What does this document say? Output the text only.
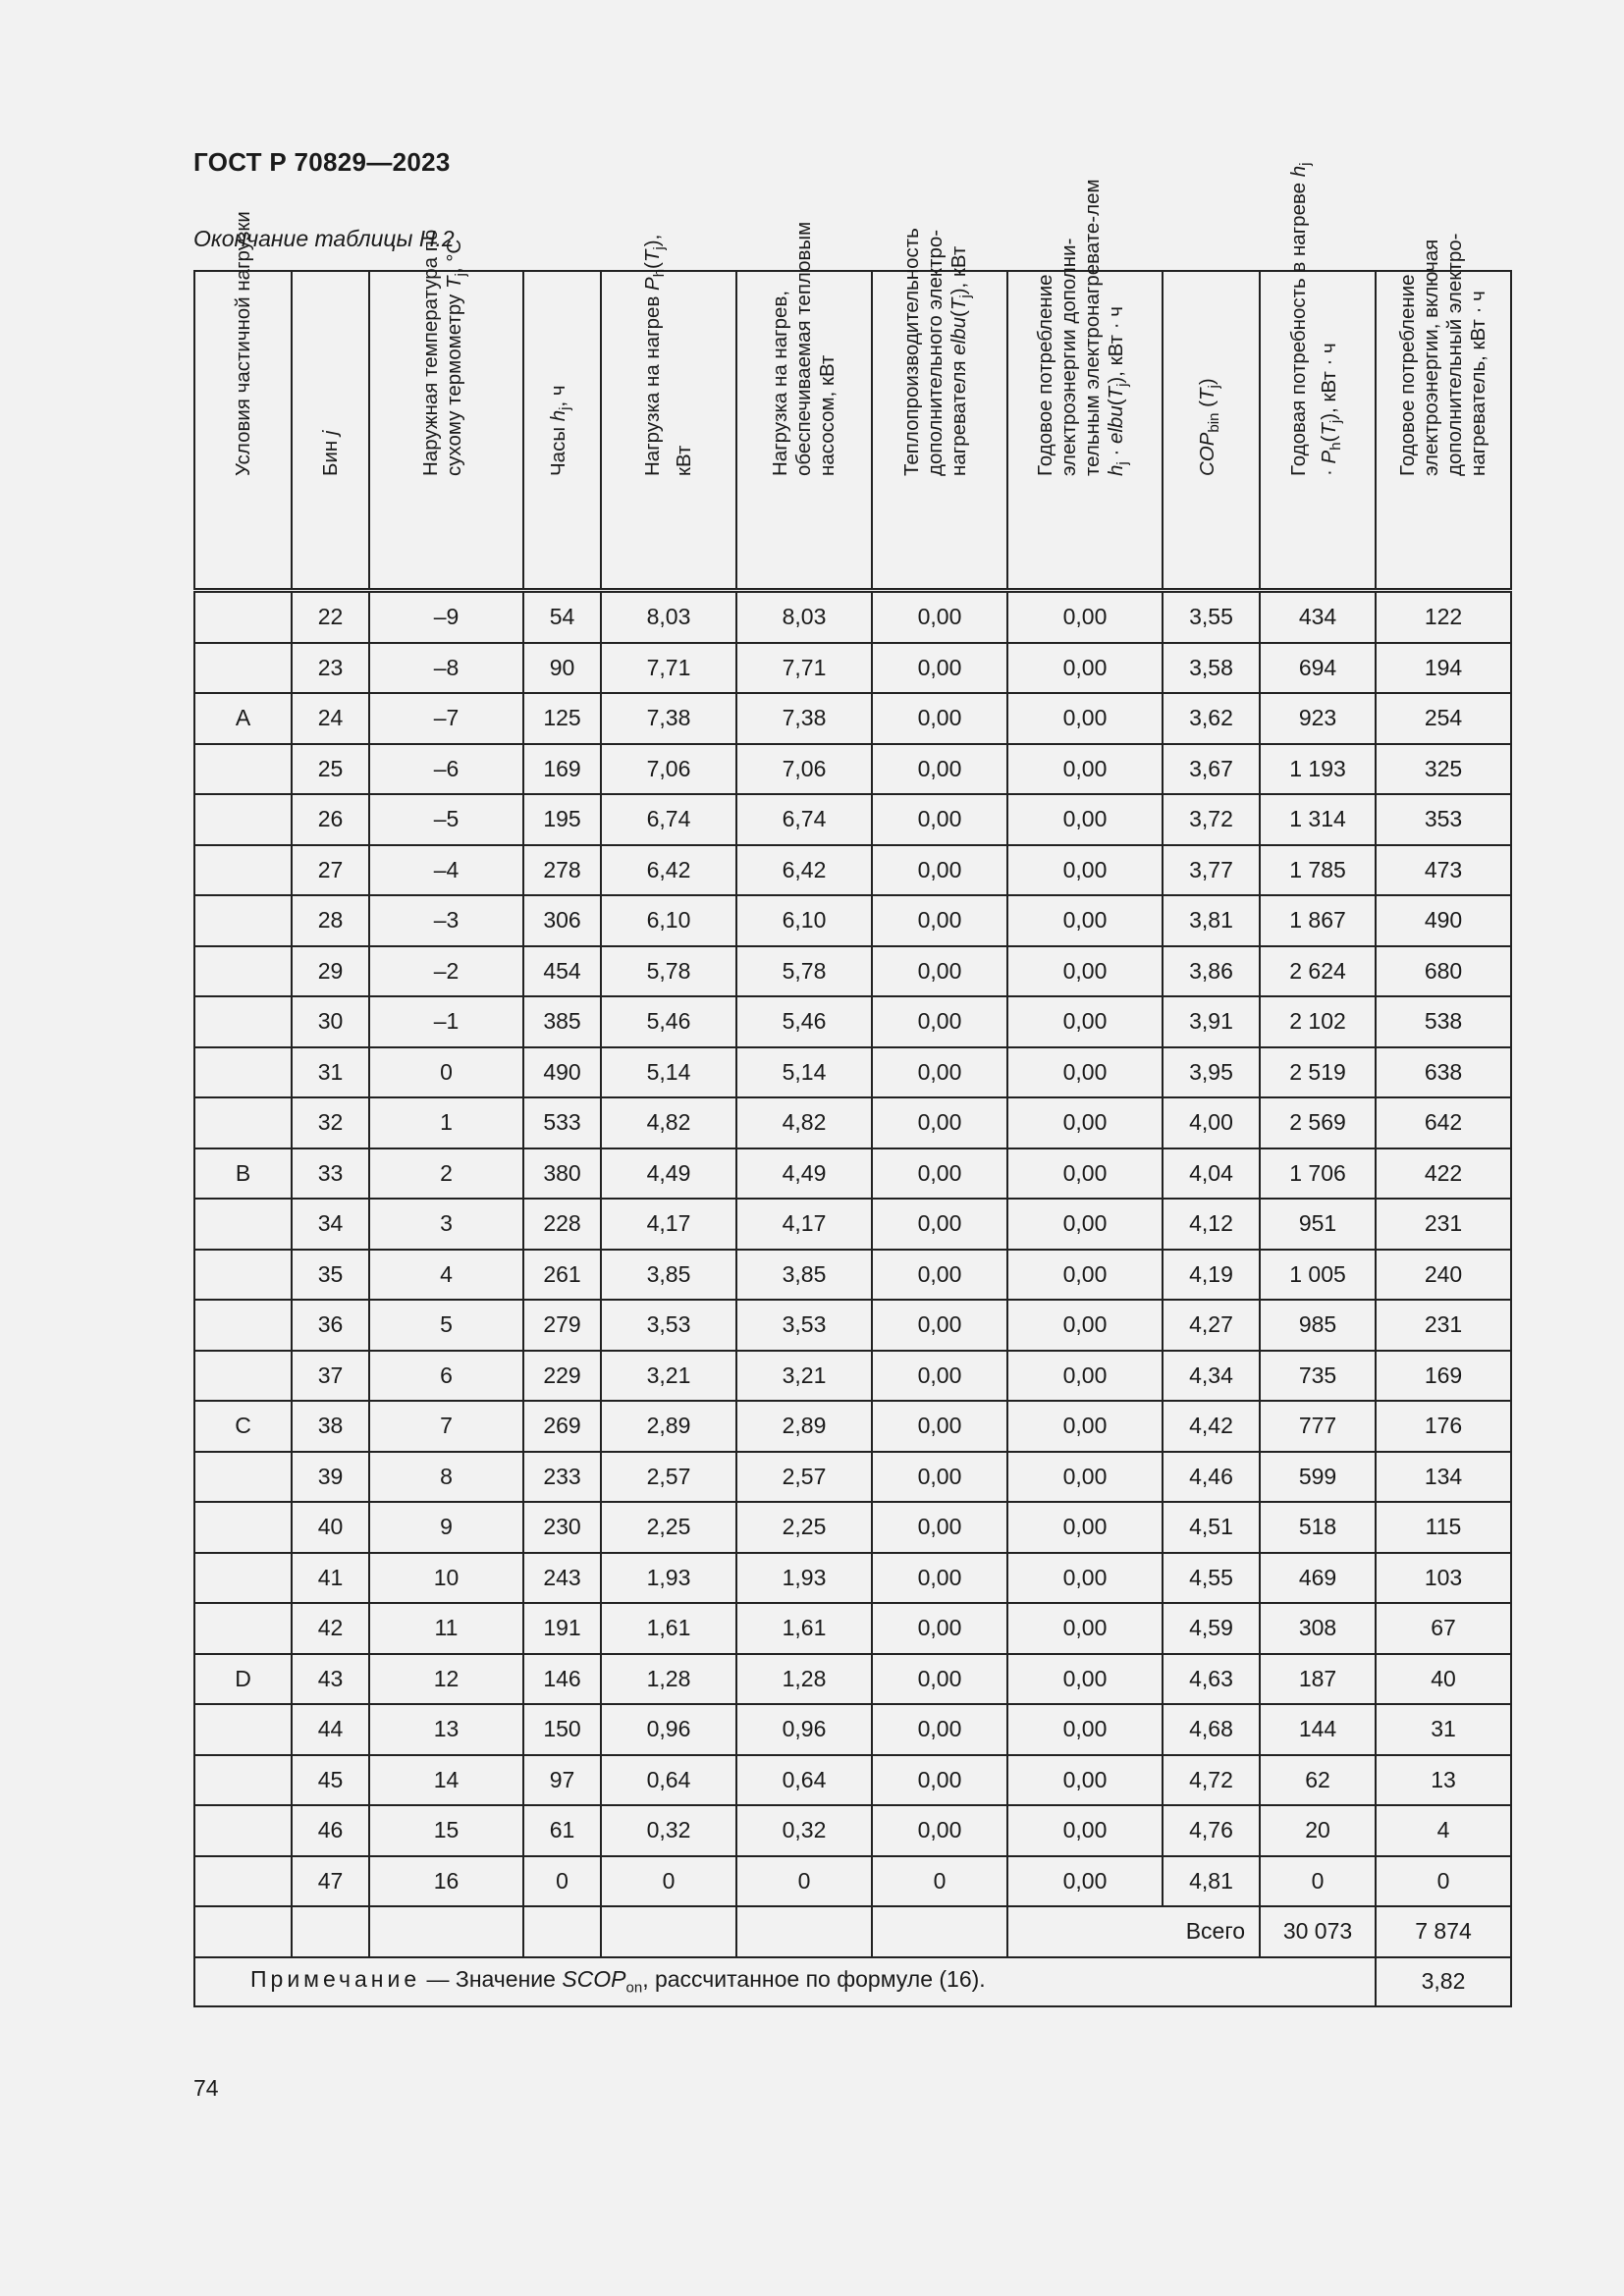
ГОСТ Р 70829—2023
Окончание таблицы Н.2
Условия частичной нагрузки	Бин j	Наружная температура по сухому термометру $T_j$, °C	Часы $h_j$, ч	Нагрузка на нагрев $P_h(T_j)$,
кВт	Нагрузка на нагрев, обеспечиваемая тепловым насосом, кВт	Теплопроизводительность дополнительного электро-нагревателя $elbu(T_j)$, кВт	Годовое потребление электроэнергии дополни-тельным электронагревате-лем $h_j$ · $elbu(T_j)$, кВт · ч	$COP_{bin}$ $(T_j)$	Годовая потребность в нагреве $h_j \cdot P_h(T_j)$, кВт · ч	Годовое потребление электроэнергии, включая дополнительный электро-нагреватель, кВт · ч

	22	–9	54	8,03	8,03	0,00	0,00	3,55	434	122
	23	–8	90	7,71	7,71	0,00	0,00	3,58	694	194
A	24	–7	125	7,38	7,38	0,00	0,00	3,62	923	254
	25	–6	169	7,06	7,06	0,00	0,00	3,67	1 193	325
	26	–5	195	6,74	6,74	0,00	0,00	3,72	1 314	353
	27	–4	278	6,42	6,42	0,00	0,00	3,77	1 785	473
	28	–3	306	6,10	6,10	0,00	0,00	3,81	1 867	490
	29	–2	454	5,78	5,78	0,00	0,00	3,86	2 624	680
	30	–1	385	5,46	5,46	0,00	0,00	3,91	2 102	538
	31	0	490	5,14	5,14	0,00	0,00	3,95	2 519	638
	32	1	533	4,82	4,82	0,00	0,00	4,00	2 569	642
B	33	2	380	4,49	4,49	0,00	0,00	4,04	1 706	422
	34	3	228	4,17	4,17	0,00	0,00	4,12	951	231
	35	4	261	3,85	3,85	0,00	0,00	4,19	1 005	240
	36	5	279	3,53	3,53	0,00	0,00	4,27	985	231
	37	6	229	3,21	3,21	0,00	0,00	4,34	735	169
C	38	7	269	2,89	2,89	0,00	0,00	4,42	777	176
	39	8	233	2,57	2,57	0,00	0,00	4,46	599	134
	40	9	230	2,25	2,25	0,00	0,00	4,51	518	115
	41	10	243	1,93	1,93	0,00	0,00	4,55	469	103
	42	11	191	1,61	1,61	0,00	0,00	4,59	308	67
D	43	12	146	1,28	1,28	0,00	0,00	4,63	187	40
	44	13	150	0,96	0,96	0,00	0,00	4,68	144	31
	45	14	97	0,64	0,64	0,00	0,00	4,72	62	13
	46	15	61	0,32	0,32	0,00	0,00	4,76	20	4
	47	16	0	0	0	0	0,00	4,81	0	0
							Всего		30 073	7 874
Примечание — Значение $SCOP_{on}$, рассчитанное по формуле (16).										3,82
74
